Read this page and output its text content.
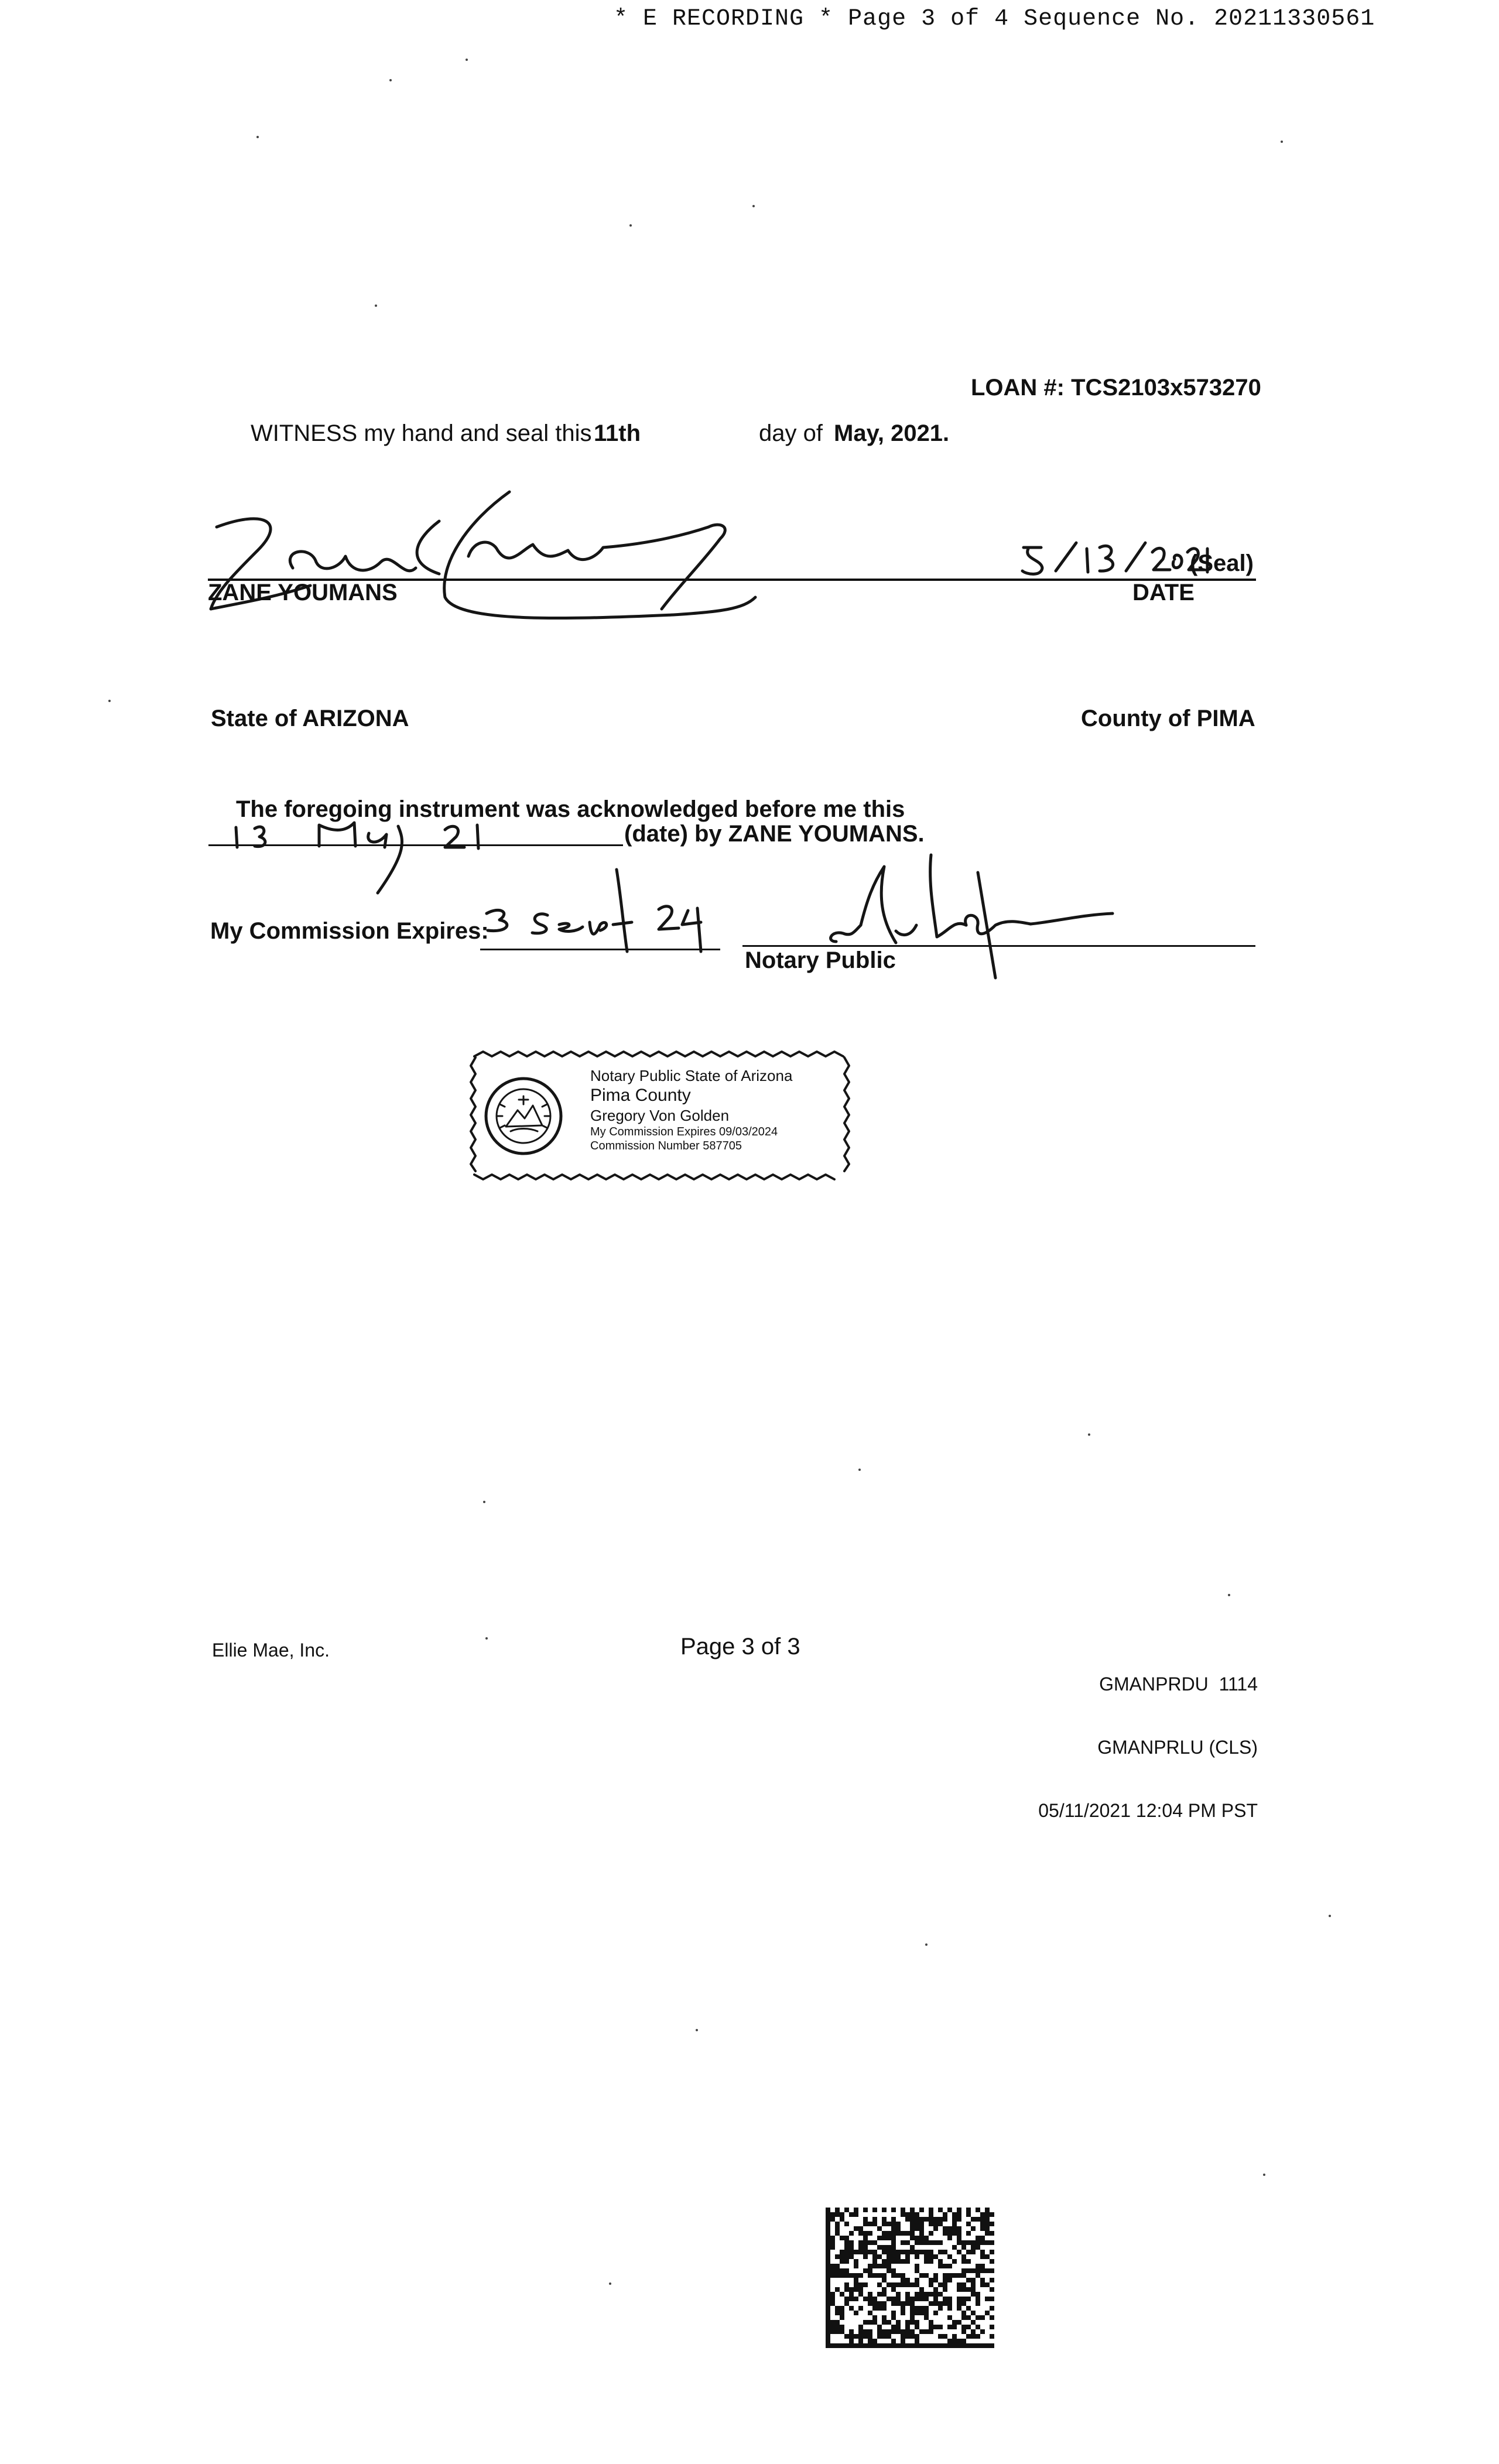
* E RECORDING * Page 3 of 4 Sequence No. 20211330561
LOAN #: TCS2103x573270
WITNESS my hand and seal this 11th	day of May, 2021.
(Seal)
ZANE YOUMANS	DATE
State of ARIZONA	County of PIMA
The foregoing instrument was acknowledged before me this
(date) by ZANE YOUMANS.
My Commission Expires:
Notary Public
Notary Public State of Arizona
Pima County
Gregory Von Golden
My Commission Expires 09/03/2024
Commission Number 587705
Ellie Mae, Inc.	Page 3 of 3

GMANPRDU  1114

GMANPRLU (CLS)

05/11/2021 12:04 PM PST
